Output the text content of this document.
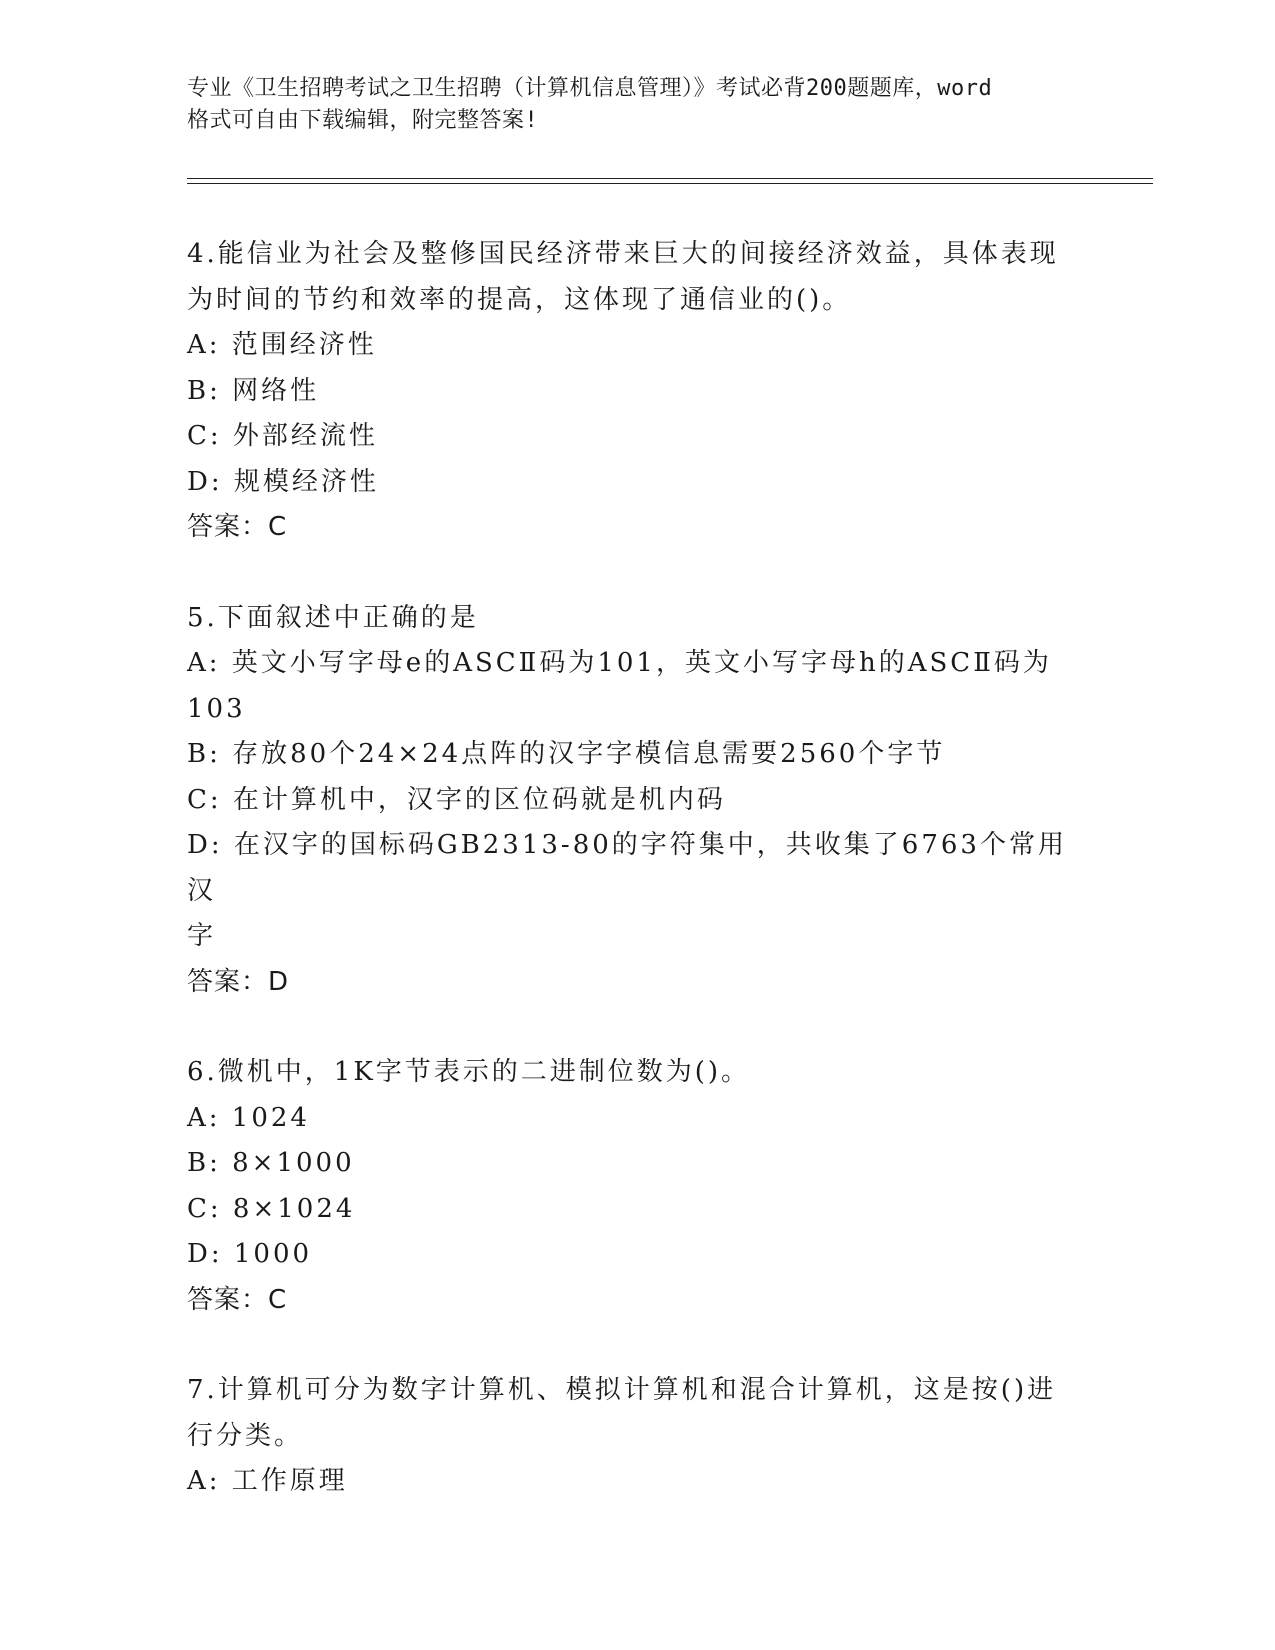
专业《卫生招聘考试之卫生招聘（计算机信息管理）》考试必背200题题库，word
格式可自由下载编辑，附完整答案!

4.能信业为社会及整修国民经济带来巨大的间接经济效益，具体表现

为时间的节约和效率的提高，这体现了通信业的()。

A: 范围经济性

B: 网络性

C: 外部经流性

D: 规模经济性

答案：C

5.下面叙述中正确的是

A: 英文小写字母e的ASCⅡ码为101，英文小写字母h的ASCⅡ码为

103

B: 存放80个24×24点阵的汉字字模信息需要2560个字节

C: 在计算机中，汉字的区位码就是机内码

D: 在汉字的国标码GB2313-80的字符集中，共收集了6763个常用汉

字

答案：D

6.微机中，1K字节表示的二进制位数为()。

A: 1024

B: 8×1000

C: 8×1024

D: 1000

答案：C

7.计算机可分为数字计算机、模拟计算机和混合计算机，这是按()进

行分类。

A: 工作原理
